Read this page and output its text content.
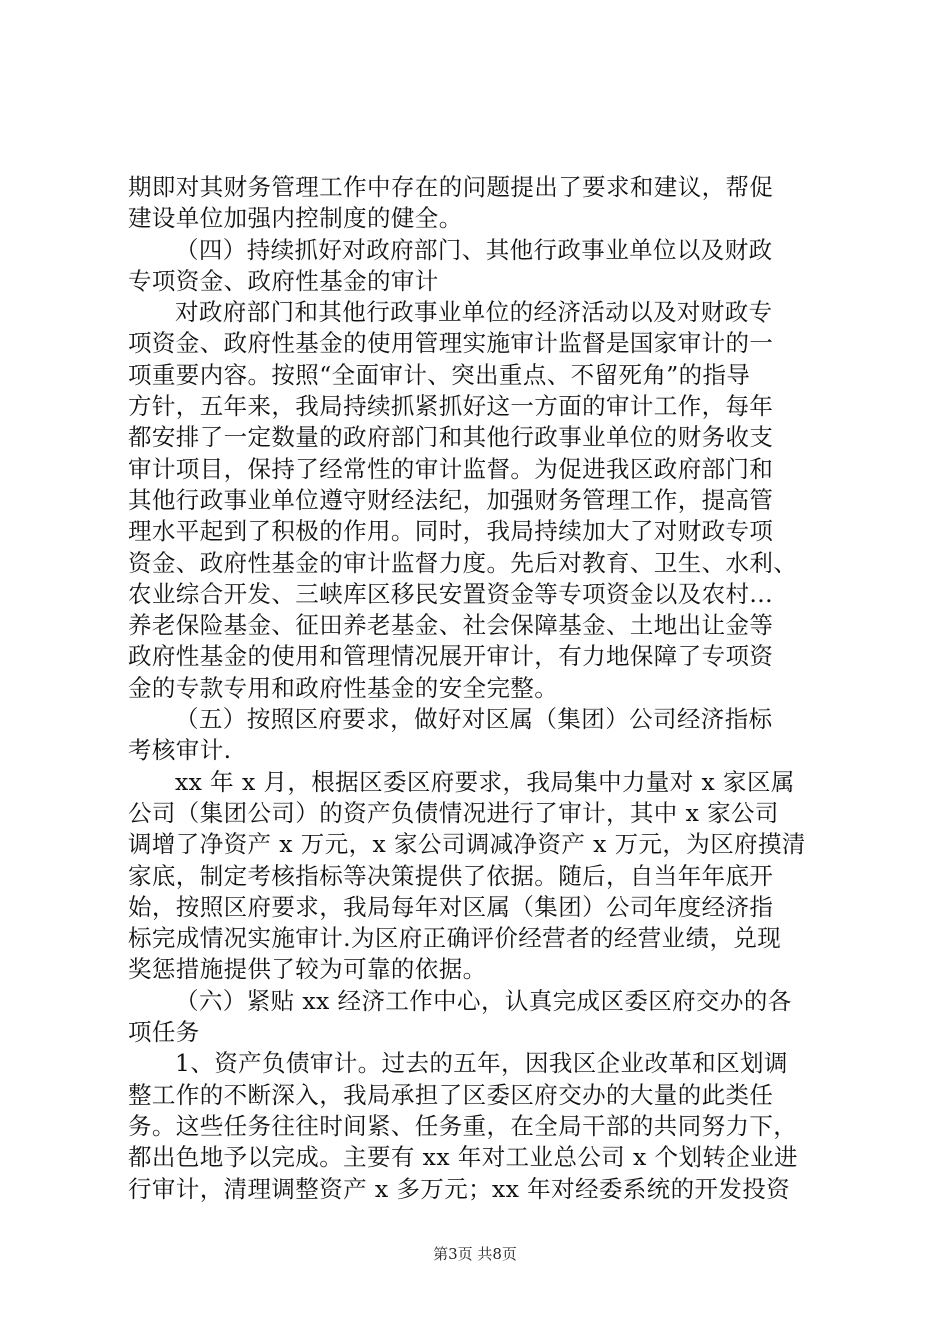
期即对其财务管理工作中存在的问题提出了要求和建议，帮促
建设单位加强内控制度的健全。
（四）持续抓好对政府部门、其他行政事业单位以及财政
专项资金、政府性基金的审计
对政府部门和其他行政事业单位的经济活动以及对财政专
项资金、政府性基金的使用管理实施审计监督是国家审计的一
项重要内容。按照“全面审计、突出重点、不留死角”的指导
方针，五年来，我局持续抓紧抓好这一方面的审计工作，每年
都安排了一定数量的政府部门和其他行政事业单位的财务收支
审计项目，保持了经常性的审计监督。为促进我区政府部门和
其他行政事业单位遵守财经法纪，加强财务管理工作，提高管
理水平起到了积极的作用。同时，我局持续加大了对财政专项
资金、政府性基金的审计监督力度。先后对教育、卫生、水利、
农业综合开发、三峡库区移民安置资金等专项资金以及农村...
养老保险基金、征田养老基金、社会保障基金、土地出让金等
政府性基金的使用和管理情况展开审计，有力地保障了专项资
金的专款专用和政府性基金的安全完整。
（五）按照区府要求，做好对区属（集团）公司经济指标
考核审计.
xx 年 x 月，根据区委区府要求，我局集中力量对 x 家区属
公司（集团公司）的资产负债情况进行了审计，其中 x 家公司
调增了净资产 x 万元，x 家公司调减净资产 x 万元，为区府摸清
家底，制定考核指标等决策提供了依据。随后，自当年年底开
始，按照区府要求，我局每年对区属（集团）公司年度经济指
标完成情况实施审计.为区府正确评价经营者的经营业绩，兑现
奖惩措施提供了较为可靠的依据。
（六）紧贴 xx 经济工作中心，认真完成区委区府交办的各
项任务
1、资产负债审计。过去的五年，因我区企业改革和区划调
整工作的不断深入，我局承担了区委区府交办的大量的此类任
务。这些任务往往时间紧、任务重，在全局干部的共同努力下，
都出色地予以完成。主要有 xx 年对工业总公司 x 个划转企业进
行审计，清理调整资产 x 多万元；xx 年对经委系统的开发投资
第3页 共8页
